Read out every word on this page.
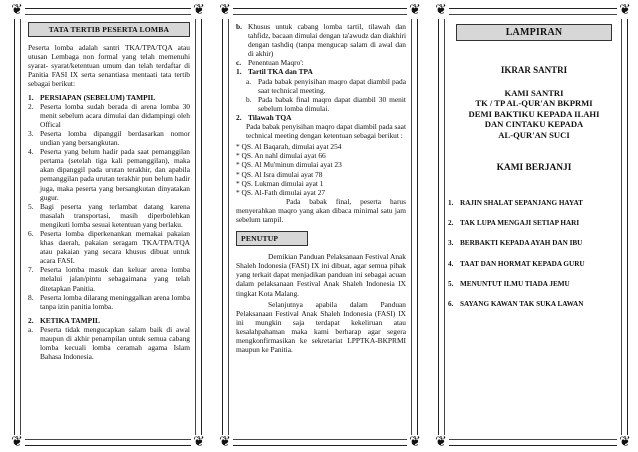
❦	❦
❦	❦
TATA TERTIB PESERTA LOMBA

Peserta lomba adalah santri TKA/TPA/TQA atau utusan Lembaga non formal yang telah memenuhi syarat- syarat/ketentuan umum dan telah terdaftar di Panitia FASI IX serta senantiasa mentaati tata tertib sebagai berikut:

1. PERSIAPAN (SEBELUM) TAMPIL
2. Peserta lomba sudah berada di arena lomba 30 menit sebelum acara dimulai dan didampingi oleh Offical
3. Peserta lomba dipanggil berdasarkan nomor undian yang bersangkutan.
4. Peserta yang belum hadir pada saat pemanggilan pertama (setelah tiga kali pemanggilan), maka akan dipanggil pada urutan terakhir, dan apabila pemanggilan pada urutan terakhir pun belum hadir juga, maka peserta yang bersangkutan dinyatakan gugur.
5. Bagi peserta yang terlambat datang karena masalah transportasi, masih diperbolehkan mengikuti lomba sesuai ketentuan yang berlaku.
6. Peserta lomba diperkenankan memakai pakaian khas daerah, pakaian seragam TKA/TPA/TQA atau pakaian yang secara khusus dibuat untuk acara FASI.
7. Peserta lomba masuk dan keluar arena lomba melalui jalan/pintu sebagaimana yang telah ditetapkan Panitia.
8. Peserta lomba dilarang meninggalkan arena lomba tanpa izin panitia lomba.
2. KETIKA TAMPIL
a. Peserta tidak mengucapkan salam baik di awal maupun di akhir penampilan untuk semua cabang lomba kecuali lomba ceramah agama Islam Bahasa Indonesia.
❦	❦
❦	❦
b. Khusus untuk cabang lomba tartil, tilawah dan tahfidz, bacaan dimulai dengan ta'awudz dan diakhiri dengan tashdiq (tanpa mengucap salam di awal dan di akhir)
c. Penentuan Maqro':
1. Tartil TKA dan TPA
a. Pada babak penyisihan maqro dapat diambil pada saat technical meeting.
b. Pada babak final maqro dapat diambil 30 menit sebelum lomba dimulai.
2. Tilawah TQA

Pada babak penyisihan maqro dapat diambil pada saat technical meeting dengan ketentuan sebagai berikut :

* QS. Al Baqarah, dimulai ayat 254
* QS. An nahl dimulai ayat 66
* QS. Al Mu'minun dimulai ayat 23
* QS. Al Isra dimulai ayat 78
* QS. Lukman dimulai ayat 1
* QS. Al-Fath dimulai ayat 27

Pada babak final, peserta harus menyerahkan maqro yang akan dibaca minimal satu jam sebelum tampil.

PENUTUP

Demikian Panduan Pelaksanaan Festival Anak Shaleh Indonesia (FASI) IX ini dibuat, agar semua pihak yang terkait dapat menjadikan panduan ini sebagai acuan dalam pelaksanaan Festival Anak Shaleh Indonesia IX tingkat Kota Malang.

Selanjutnya apabila dalam Panduan Pelaksanaan Festival Anak Shaleh Indonesia (FASI) IX ini mungkin saja terdapat kekeliruan atau kesalahpahaman maka kami berharap agar segera mengkonfirmasikan ke sekretariat LPPTKA-BKPRMI maupun ke Panitia.

❦	❦
❦	❦
LAMPIRAN
IKRAR SANTRI
KAMI SANTRI
TK / TP AL-QUR'AN BKPRMI
DEMI BAKTIKU KEPADA ILAHI
DAN CINTAKU KEPADA
AL-QUR'AN SUCI
KAMI BERJANJI
1. RAJIN SHALAT SEPANJANG HAYAT
2. TAK LUPA MENGAJI SETIAP HARI
3. BERBAKTI KEPADA AYAH DAN IBU
4. TAAT DAN HORMAT KEPADA GURU
5. MENUNTUT ILMU TIADA JEMU
6. SAYANG KAWAN TAK SUKA LAWAN
